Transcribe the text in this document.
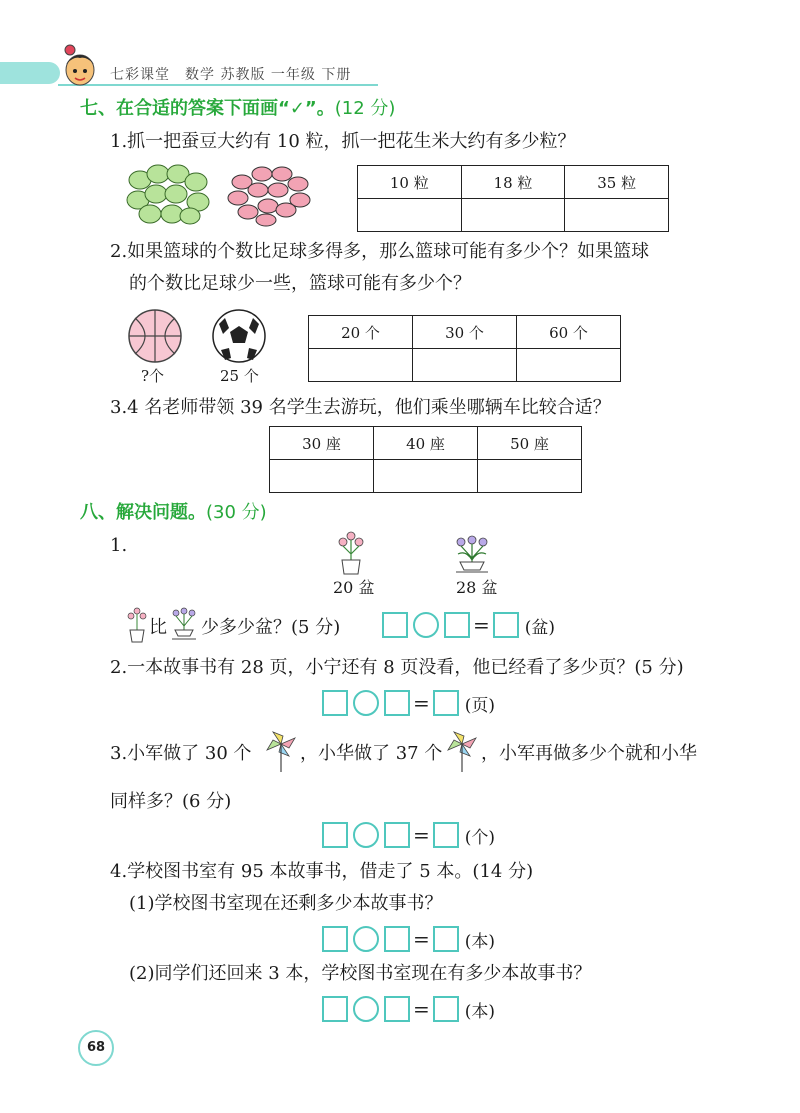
七彩课堂　数学 苏教版 一年级 下册
七、在合适的答案下面画“✓”。(12 分)
1.抓一把蚕豆大约有 10 粒，抓一把花生米大约有多少粒？
10 粒	18 粒	35 粒

2.如果篮球的个数比足球多得多，那么篮球可能有多少个？如果篮球
的个数比足球少一些，篮球可能有多少个？
?个	25 个
20 个	30 个	60 个

3.4 名老师带领 39 名学生去游玩，他们乘坐哪辆车比较合适？
30 座	40 座	50 座

八、解决问题。(30 分)
1.
20 盆	28 盆
比 少多少盆？(5 分)	= (盆)
2.一本故事书有 28 页，小宁还有 8 页没看，他已经看了多少页？(5 分)
= (页)
3.小军做了 30 个	，小华做了 37 个 ，小军再做多少个就和小华
同样多？(6 分)
= (个)
4.学校图书室有 95 本故事书，借走了 5 本。(14 分)
(1)学校图书室现在还剩多少本故事书？
= (本)
(2)同学们还回来 3 本，学校图书室现在有多少本故事书？
= (本)
68
